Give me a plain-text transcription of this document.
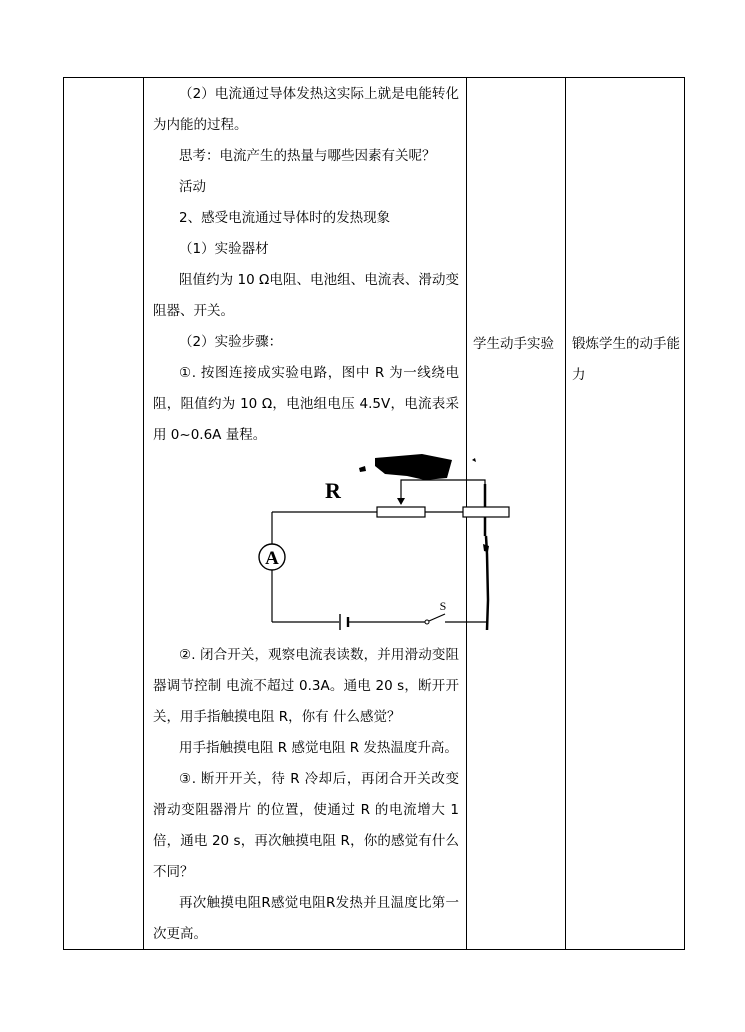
（2）电流通过导体发热这实际上就是电能转化为内能的过程。
思考：电流产生的热量与哪些因素有关呢？
活动
2、感受电流通过导体时的发热现象
（1）实验器材
阻值约为 10 Ω电阻、电池组、电流表、滑动变阻器、开关。
（2）实验步骤：
①. 按图连接成实验电路，图中 R 为一线绕电阻，阻值约为 10 Ω，电池组电压 4.5V，电流表采用 0~0.6A 量程。
A
R
S
②. 闭合开关，观察电流表读数，并用滑动变阻器调节控制 电流不超过 0.3A。通电 20 s，断开开关，用手指触摸电阻 R，你有 什么感觉？
用手指触摸电阻 R 感觉电阻 R 发热温度升高。
③. 断开开关，待 R 冷却后，再闭合开关改变滑动变阻器滑片 的位置，使通过 R 的电流增大 1 倍，通电 20 s，再次触摸电阻 R，你的感觉有什么不同？
再次触摸电阻R感觉电阻R发热并且温度比第一次更高。

学生动手实验	锻炼学生的动手能力
